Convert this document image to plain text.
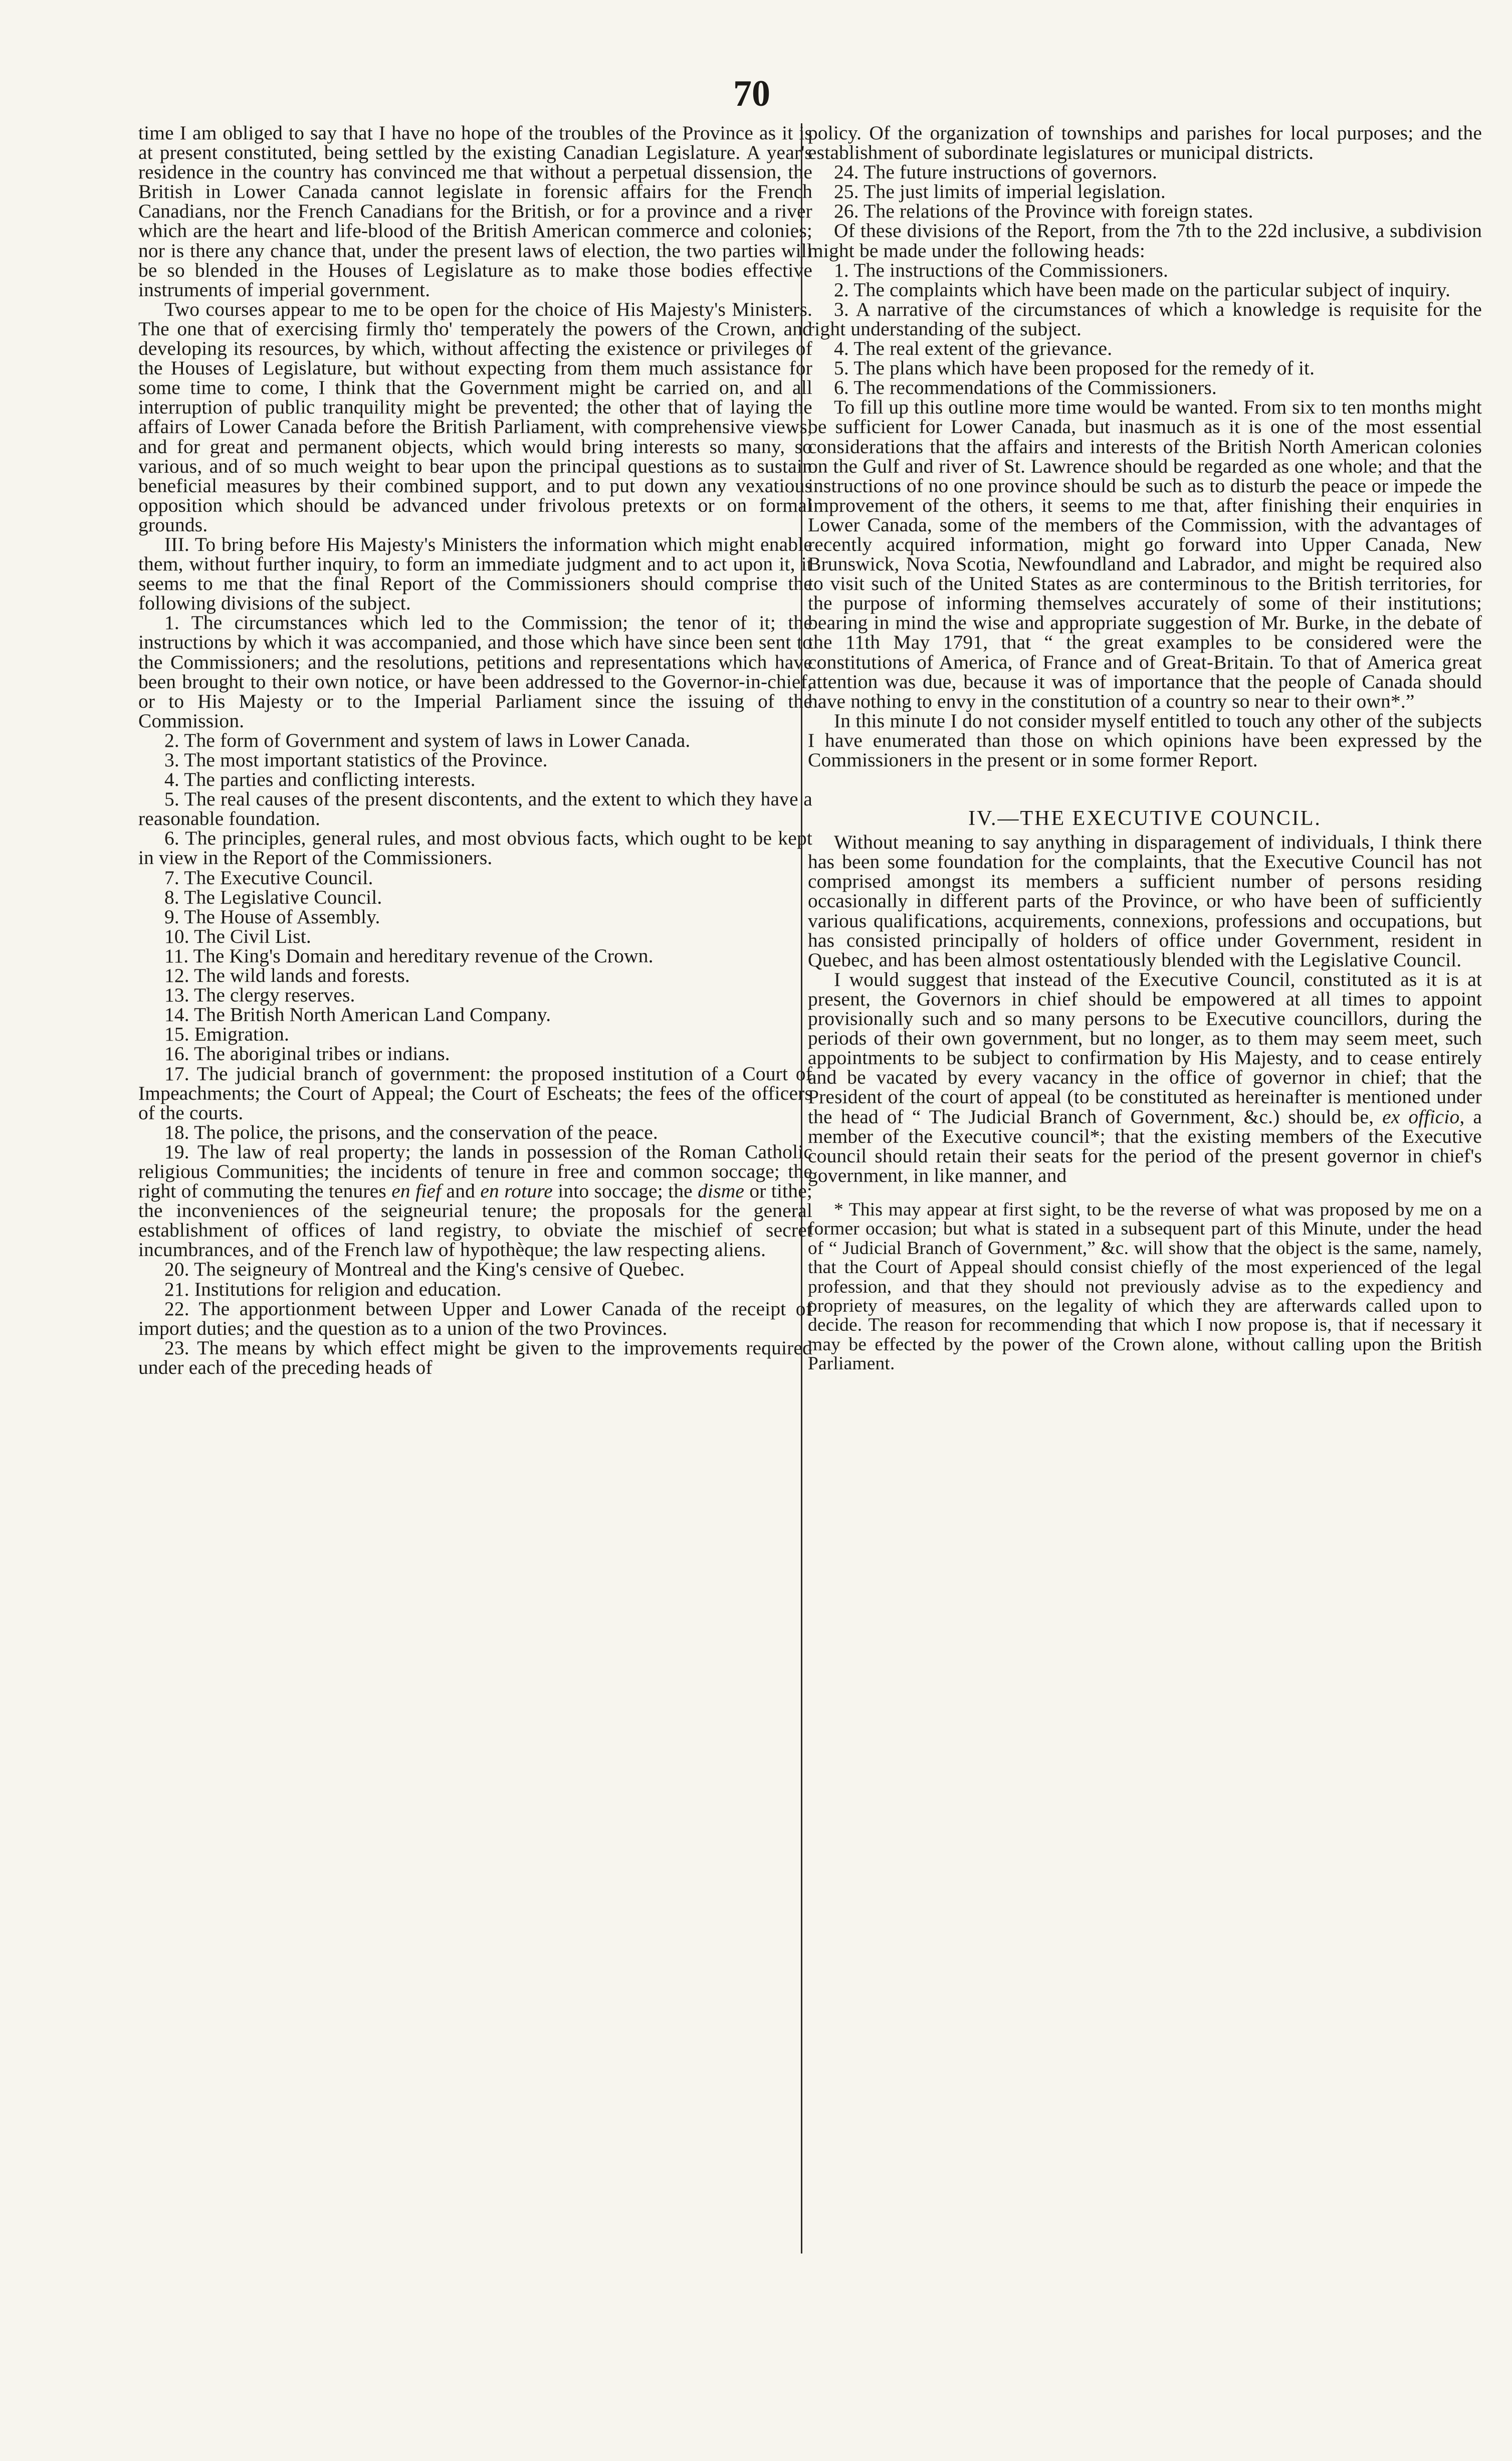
70

time I am obliged to say that I have no hope of the troubles of the Province as it is at present constituted, being settled by the existing Canadian Legislature. A year's residence in the country has convinced me that without a perpetual dissension, the British in Lower Canada cannot legislate in forensic affairs for the French Canadians, nor the French Canadians for the British, or for a province and a river which are the heart and life-blood of the British American commerce and colonies; nor is there any chance that, under the present laws of election, the two parties will be so blended in the Houses of Legislature as to make those bodies effective instruments of imperial government.

Two courses appear to me to be open for the choice of His Majesty's Ministers. The one that of exercising firmly tho' temperately the powers of the Crown, and developing its resources, by which, without affecting the existence or privileges of the Houses of Legislature, but without expecting from them much assistance for some time to come, I think that the Government might be carried on, and all interruption of public tranquility might be prevented; the other that of laying the affairs of Lower Canada before the British Parliament, with comprehensive views, and for great and permanent objects, which would bring interests so many, so various, and of so much weight to bear upon the principal questions as to sustain beneficial measures by their combined support, and to put down any vexatious opposition which should be advanced under frivolous pretexts or on formal grounds.

III. To bring before His Majesty's Ministers the information which might enable them, without further inquiry, to form an immediate judgment and to act upon it, it seems to me that the final Report of the Commissioners should comprise the following divisions of the subject.

1. The circumstances which led to the Commission; the tenor of it; the instructions by which it was accompanied, and those which have since been sent to the Commissioners; and the resolutions, petitions and representations which have been brought to their own notice, or have been addressed to the Governor-in-chief, or to His Majesty or to the Imperial Parliament since the issuing of the Commission.

2. The form of Government and system of laws in Lower Canada.

3. The most important statistics of the Province.

4. The parties and conflicting interests.

5. The real causes of the present discontents, and the extent to which they have a reasonable foundation.

6. The principles, general rules, and most obvious facts, which ought to be kept in view in the Report of the Commissioners.

7. The Executive Council.

8. The Legislative Council.

9. The House of Assembly.

10. The Civil List.

11. The King's Domain and hereditary revenue of the Crown.

12. The wild lands and forests.

13. The clergy reserves.

14. The British North American Land Company.

15. Emigration.

16. The aboriginal tribes or indians.

17. The judicial branch of government: the proposed institution of a Court of Impeachments; the Court of Appeal; the Court of Escheats; the fees of the officers of the courts.

18. The police, the prisons, and the conservation of the peace.

19. The law of real property; the lands in possession of the Roman Catholic religious Communities; the incidents of tenure in free and common soccage; the right of commuting the tenures en fief and en roture into soccage; the disme or tithe; the inconveniences of the seigneurial tenure; the proposals for the general establishment of offices of land registry, to obviate the mischief of secret incumbrances, and of the French law of hypothèque; the law respecting aliens.

20. The seigneury of Montreal and the King's censive of Quebec.

21. Institutions for religion and education.

22. The apportionment between Upper and Lower Canada of the receipt of import duties; and the question as to a union of the two Provinces.

23. The means by which effect might be given to the improvements required under each of the preceding heads of

policy. Of the organization of townships and parishes for local purposes; and the establishment of subordinate legislatures or municipal districts.

24. The future instructions of governors.

25. The just limits of imperial legislation.

26. The relations of the Province with foreign states.

Of these divisions of the Report, from the 7th to the 22d inclusive, a subdivision might be made under the following heads:

1. The instructions of the Commissioners.

2. The complaints which have been made on the particular subject of inquiry.

3. A narrative of the circumstances of which a knowledge is requisite for the right understanding of the subject.

4. The real extent of the grievance.

5. The plans which have been proposed for the remedy of it.

6. The recommendations of the Commissioners.

To fill up this outline more time would be wanted. From six to ten months might be sufficient for Lower Canada, but inasmuch as it is one of the most essential considerations that the affairs and interests of the British North American colonies on the Gulf and river of St. Lawrence should be regarded as one whole; and that the instructions of no one province should be such as to disturb the peace or impede the improvement of the others, it seems to me that, after finishing their enquiries in Lower Canada, some of the members of the Commission, with the advantages of recently acquired information, might go forward into Upper Canada, New Brunswick, Nova Scotia, Newfoundland and Labrador, and might be required also to visit such of the United States as are conterminous to the British territories, for the purpose of informing themselves accurately of some of their institutions; bearing in mind the wise and appropriate suggestion of Mr. Burke, in the debate of the 11th May 1791, that “ the great examples to be considered were the constitutions of America, of France and of Great-Britain. To that of America great attention was due, because it was of importance that the people of Canada should have nothing to envy in the constitution of a country so near to their own*.”

In this minute I do not consider myself entitled to touch any other of the subjects I have enumerated than those on which opinions have been expressed by the Commissioners in the present or in some former Report.

IV.—THE EXECUTIVE COUNCIL.

Without meaning to say anything in disparagement of individuals, I think there has been some foundation for the complaints, that the Executive Council has not comprised amongst its members a sufficient number of persons residing occasionally in different parts of the Province, or who have been of sufficiently various qualifications, acquirements, connexions, professions and occupations, but has consisted principally of holders of office under Government, resident in Quebec, and has been almost ostentatiously blended with the Legislative Council.

I would suggest that instead of the Executive Council, constituted as it is at present, the Governors in chief should be empowered at all times to appoint provisionally such and so many persons to be Executive councillors, during the periods of their own government, but no longer, as to them may seem meet, such appointments to be subject to confirmation by His Majesty, and to cease entirely and be vacated by every vacancy in the office of governor in chief; that the President of the court of appeal (to be constituted as hereinafter is mentioned under the head of “ The Judicial Branch of Government, &c.) should be, ex officio, a member of the Executive council*; that the existing members of the Executive council should retain their seats for the period of the present governor in chief's government, in like manner, and

* This may appear at first sight, to be the reverse of what was proposed by me on a former occasion; but what is stated in a subsequent part of this Minute, under the head of “ Judicial Branch of Government,” &c. will show that the object is the same, namely, that the Court of Appeal should consist chiefly of the most experienced of the legal profession, and that they should not previously advise as to the expediency and propriety of measures, on the legality of which they are afterwards called upon to decide. The reason for recommending that which I now propose is, that if necessary it may be effected by the power of the Crown alone, without calling upon the British Parliament.
